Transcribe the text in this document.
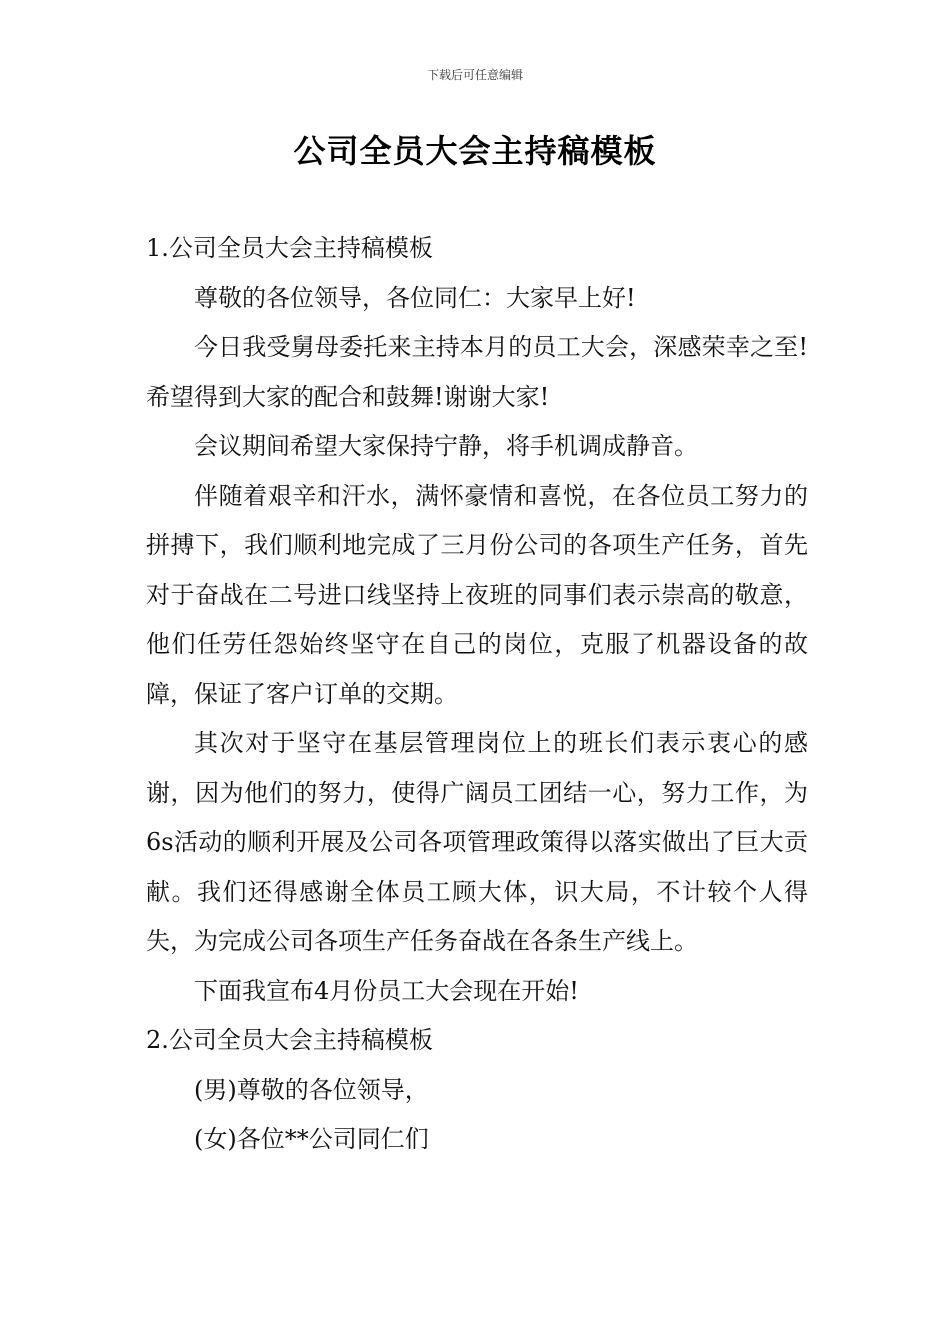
下载后可任意编辑
公司全员大会主持稿模板

1.公司全员大会主持稿模板

尊敬的各位领导，各位同仁：大家早上好!

今日我受舅母委托来主持本月的员工大会，深感荣幸之至!希望得到大家的配合和鼓舞!谢谢大家!

会议期间希望大家保持宁静，将手机调成静音。

伴随着艰辛和汗水，满怀豪情和喜悦，在各位员工努力的拼搏下，我们顺利地完成了三月份公司的各项生产任务，首先对于奋战在二号进口线坚持上夜班的同事们表示崇高的敬意，他们任劳任怨始终坚守在自己的岗位，克服了机器设备的故障，保证了客户订单的交期。

其次对于坚守在基层管理岗位上的班长们表示衷心的感谢，因为他们的努力，使得广阔员工团结一心，努力工作，为6s活动的顺利开展及公司各项管理政策得以落实做出了巨大贡献。我们还得感谢全体员工顾大体，识大局，不计较个人得失，为完成公司各项生产任务奋战在各条生产线上。

下面我宣布4月份员工大会现在开始!

2.公司全员大会主持稿模板

(男)尊敬的各位领导，

(女)各位**公司同仁们
